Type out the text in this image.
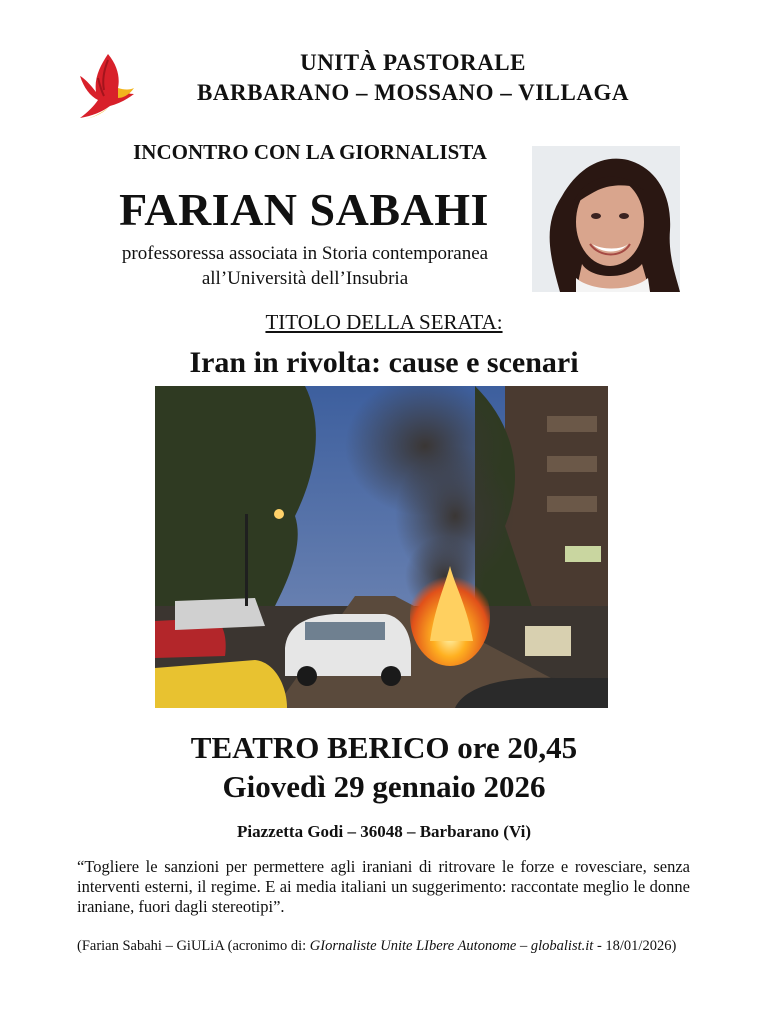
UNITÀ PASTORALE
BARBARANO – MOSSANO – VILLAGA
INCONTRO CON LA GIORNALISTA
FARIAN SABAHI
professoressa associata in Storia contemporanea
all’Università dell’Insubria
TITOLO DELLA SERATA:
Iran in rivolta: cause e scenari
TEATRO BERICO ore 20,45
Giovedì 29 gennaio 2026
Piazzetta Godi – 36048 – Barbarano (Vi)
“Togliere le sanzioni per permettere agli iraniani di ritrovare le forze e rovesciare, senza interventi esterni, il regime. E ai media italiani un suggerimento: raccontate meglio le donne iraniane, fuori dagli stereotipi”.
(Farian Sabahi – GiULiA (acronimo di: GIornaliste Unite LIbere Autonome – globalist.it - 18/01/2026)
